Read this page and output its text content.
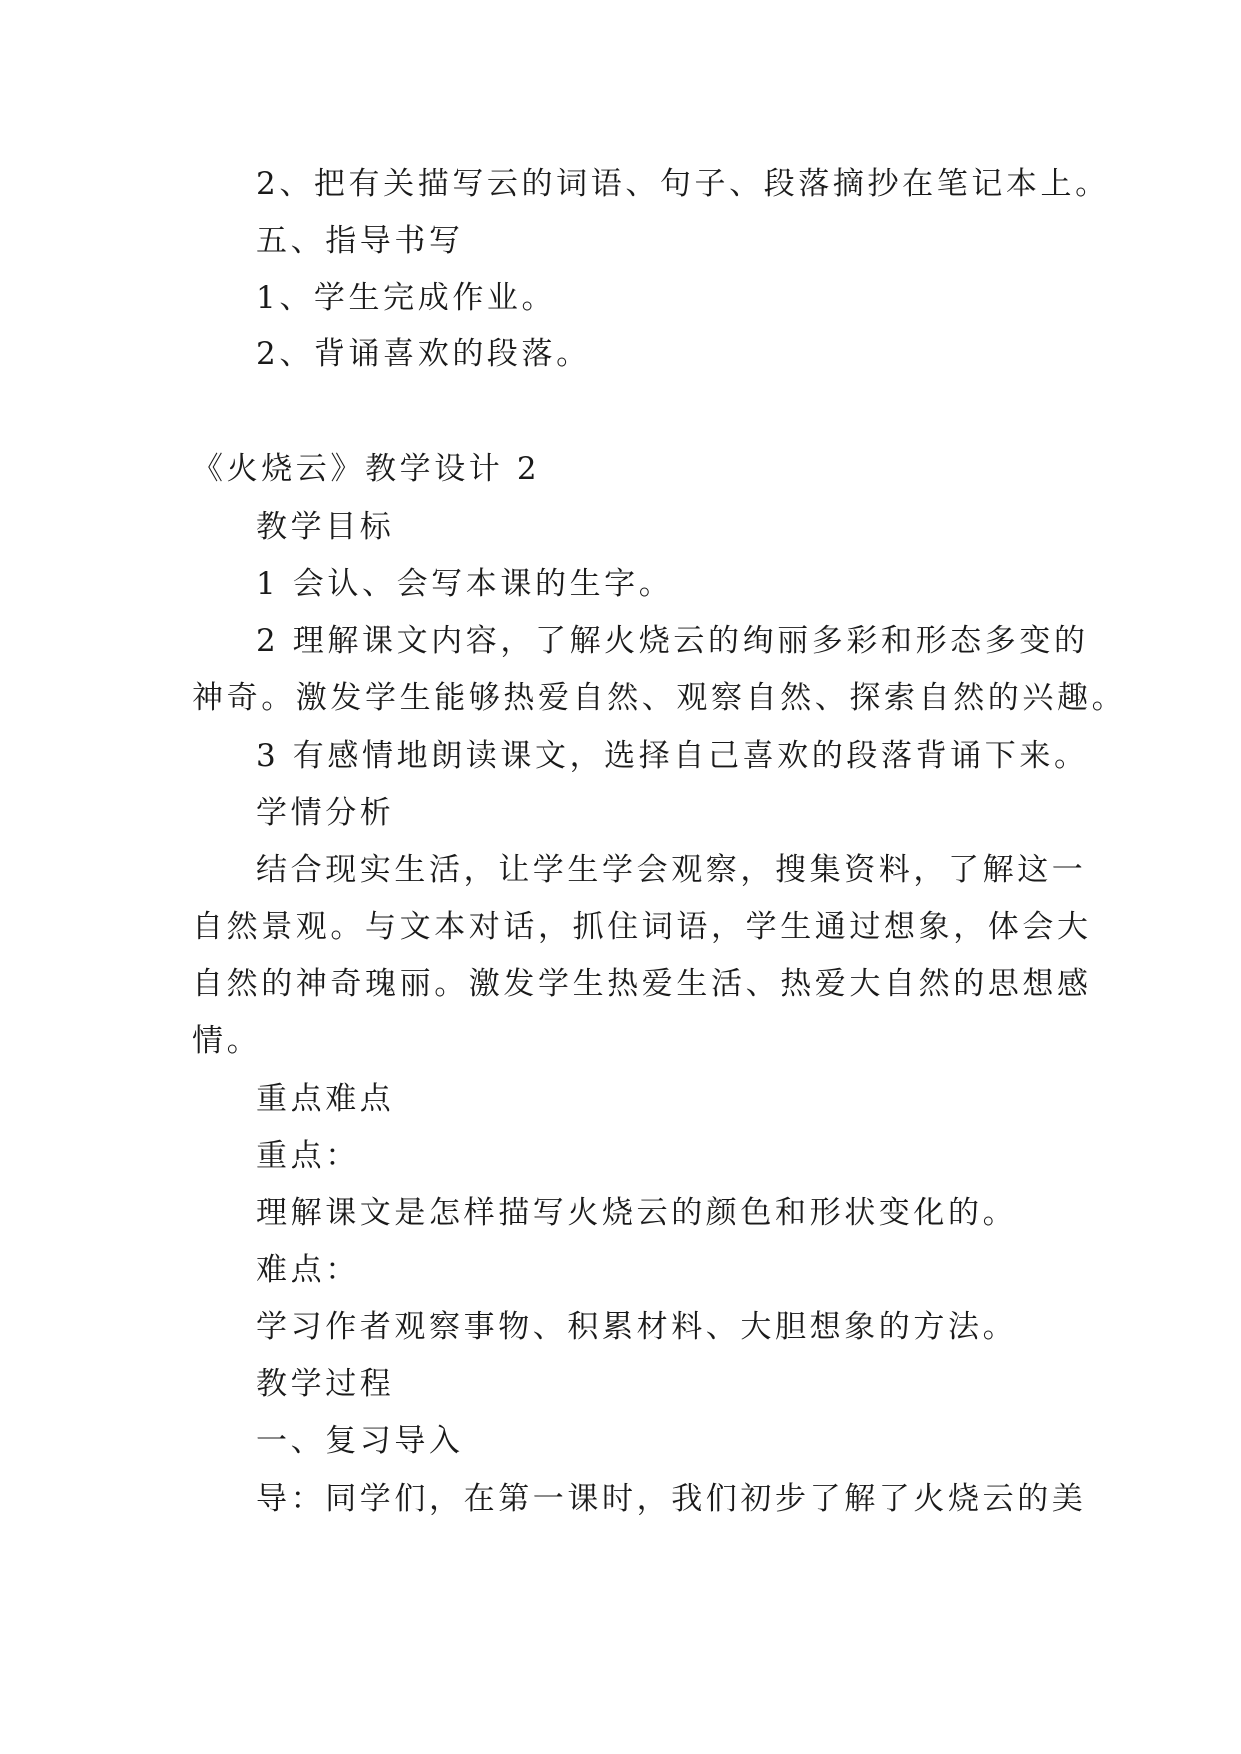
2、把有关描写云的词语、句子、段落摘抄在笔记本上。
五、指导书写
1、学生完成作业。
2、背诵喜欢的段落。
《火烧云》教学设计 2
教学目标
1 会认、会写本课的生字。
2 理解课文内容，了解火烧云的绚丽多彩和形态多变的
神奇。激发学生能够热爱自然、观察自然、探索自然的兴趣。
3 有感情地朗读课文，选择自己喜欢的段落背诵下来。
学情分析
结合现实生活，让学生学会观察，搜集资料，了解这一
自然景观。与文本对话，抓住词语，学生通过想象，体会大
自然的神奇瑰丽。激发学生热爱生活、热爱大自然的思想感
情。
重点难点
重点：
理解课文是怎样描写火烧云的颜色和形状变化的。
难点：
学习作者观察事物、积累材料、大胆想象的方法。
教学过程
一、复习导入
导：同学们，在第一课时，我们初步了解了火烧云的美
